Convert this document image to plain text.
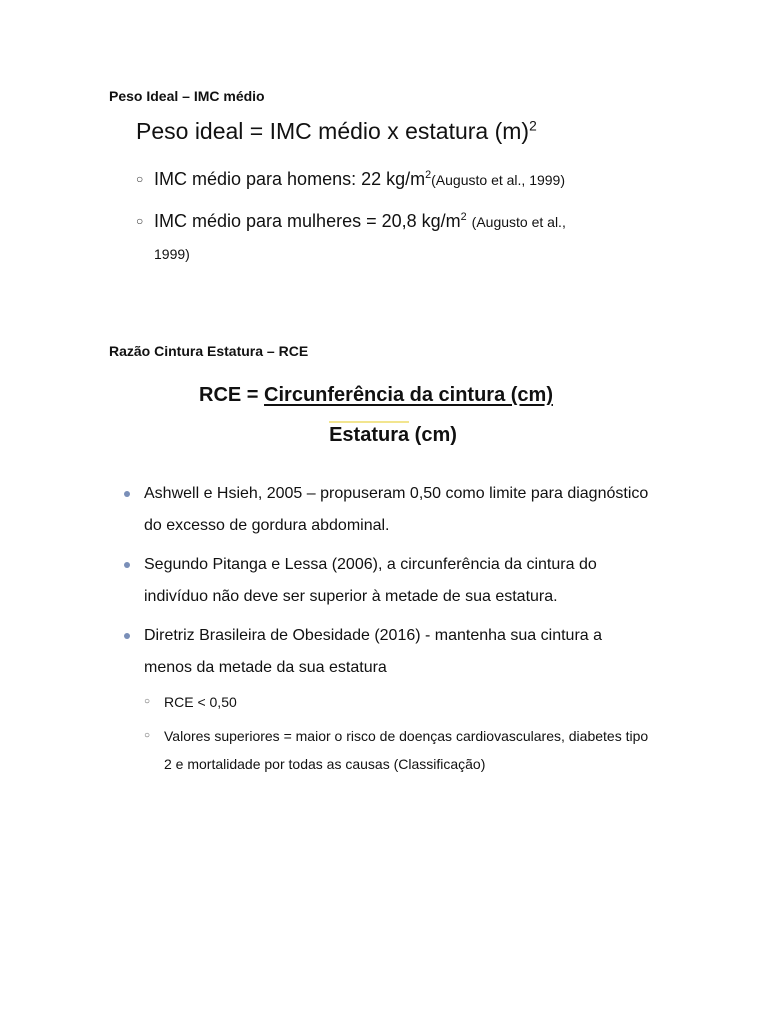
Peso Ideal – IMC médio

Peso ideal = IMC médio x estatura $(m)^2$

○ IMC médio para homens: 22 $kg/m^2(Augusto$ et al., 1999)
○ IMC médio para mulheres = 20,8 $kg/m^2$ (Augusto et al.,
1999)
Razão Cintura Estatura – RCE

RCE = Circunferência da cintura (cm)

Estatura (cm)

Ashwell e Hsieh, 2005 – propuseram 0,50 como limite para diagnóstico do excesso de gordura abdominal.
Segundo Pitanga e Lessa (2006), a circunferência da cintura do indivíduo não deve ser superior à metade de sua estatura.
Diretriz Brasileira de Obesidade (2016) - mantenha sua cintura a menos da metade da sua estatura
○ RCE < 0,50
○ Valores superiores = maior o risco de doenças cardiovasculares, diabetes tipo 2 e mortalidade por todas as causas (Classificação)
